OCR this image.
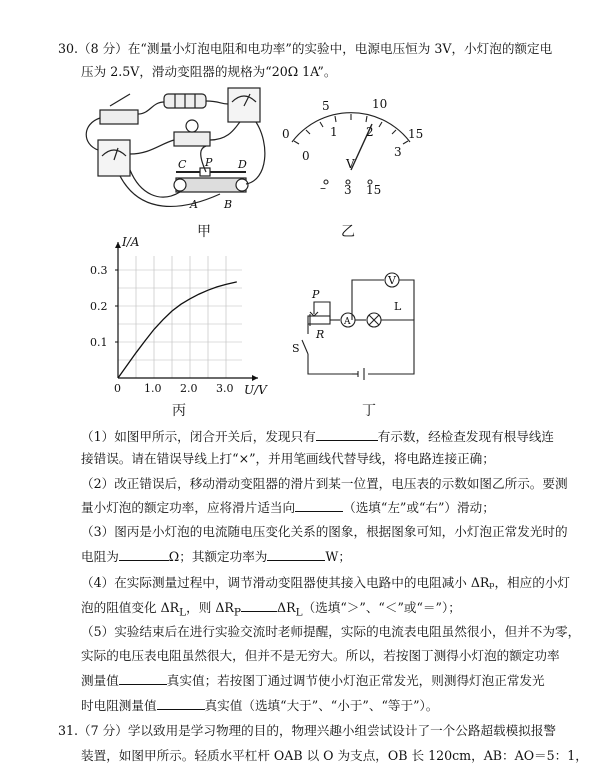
30.（8 分）在“测量小灯泡电阻和电功率”的实验中，电源电压恒为 3V，小灯泡的额定电
压为 2.5V，滑动变阻器的规格为“20Ω 1A”。
C P D
A B
甲
0
5	10
15
0
1 2
3
V
– 3 15
乙
0 1.0 2.0 3.0
0.1
0.2
0.3
I/A
U/V
丙
P
R
S
V
A
L
丁
（1）如图甲所示，闭合开关后，发现只有	有示数，经检查发现有根导线连
接错误。请在错误导线上打“×”，并用笔画线代替导线，将电路连接正确；
（2）改正错误后，移动滑动变阻器的滑片到某一位置，电压表的示数如图乙所示。要测
量小灯泡的额定功率，应将滑片适当向	（选填“左”或“右”）滑动；
（3）图丙是小灯泡的电流随电压变化关系的图象，根据图象可知，小灯泡正常发光时的
电阻为	Ω；其额定功率为	W；
（4）在实际测量过程中，调节滑动变阻器使其接入电路中的电阻减小 ΔRₚ，相应的小灯
泡的阻值变化 $\Delta R_L$，则 $\Delta R_P$	$\Delta R_L$（选填“＞”、“＜”或“＝”）；
（5）实验结束后在进行实验交流时老师提醒，实际的电流表电阻虽然很小，但并不为零，
实际的电压表电阻虽然很大，但并不是无穷大。所以，若按图丁测得小灯泡的额定功率
测量值	真实值；若按图丁通过调节使小灯泡正常发光，则测得灯泡正常发光
时电阻测量值	真实值（选填“大于”、“小于”、“等于”）。
31.（7 分）学以致用是学习物理的目的，物理兴趣小组尝试设计了一个公路超载模拟报警
装置，如图甲所示。轻质水平杠杆 OAB 以 O 为支点，OB 长 120cm，AB：AO＝5：1，
